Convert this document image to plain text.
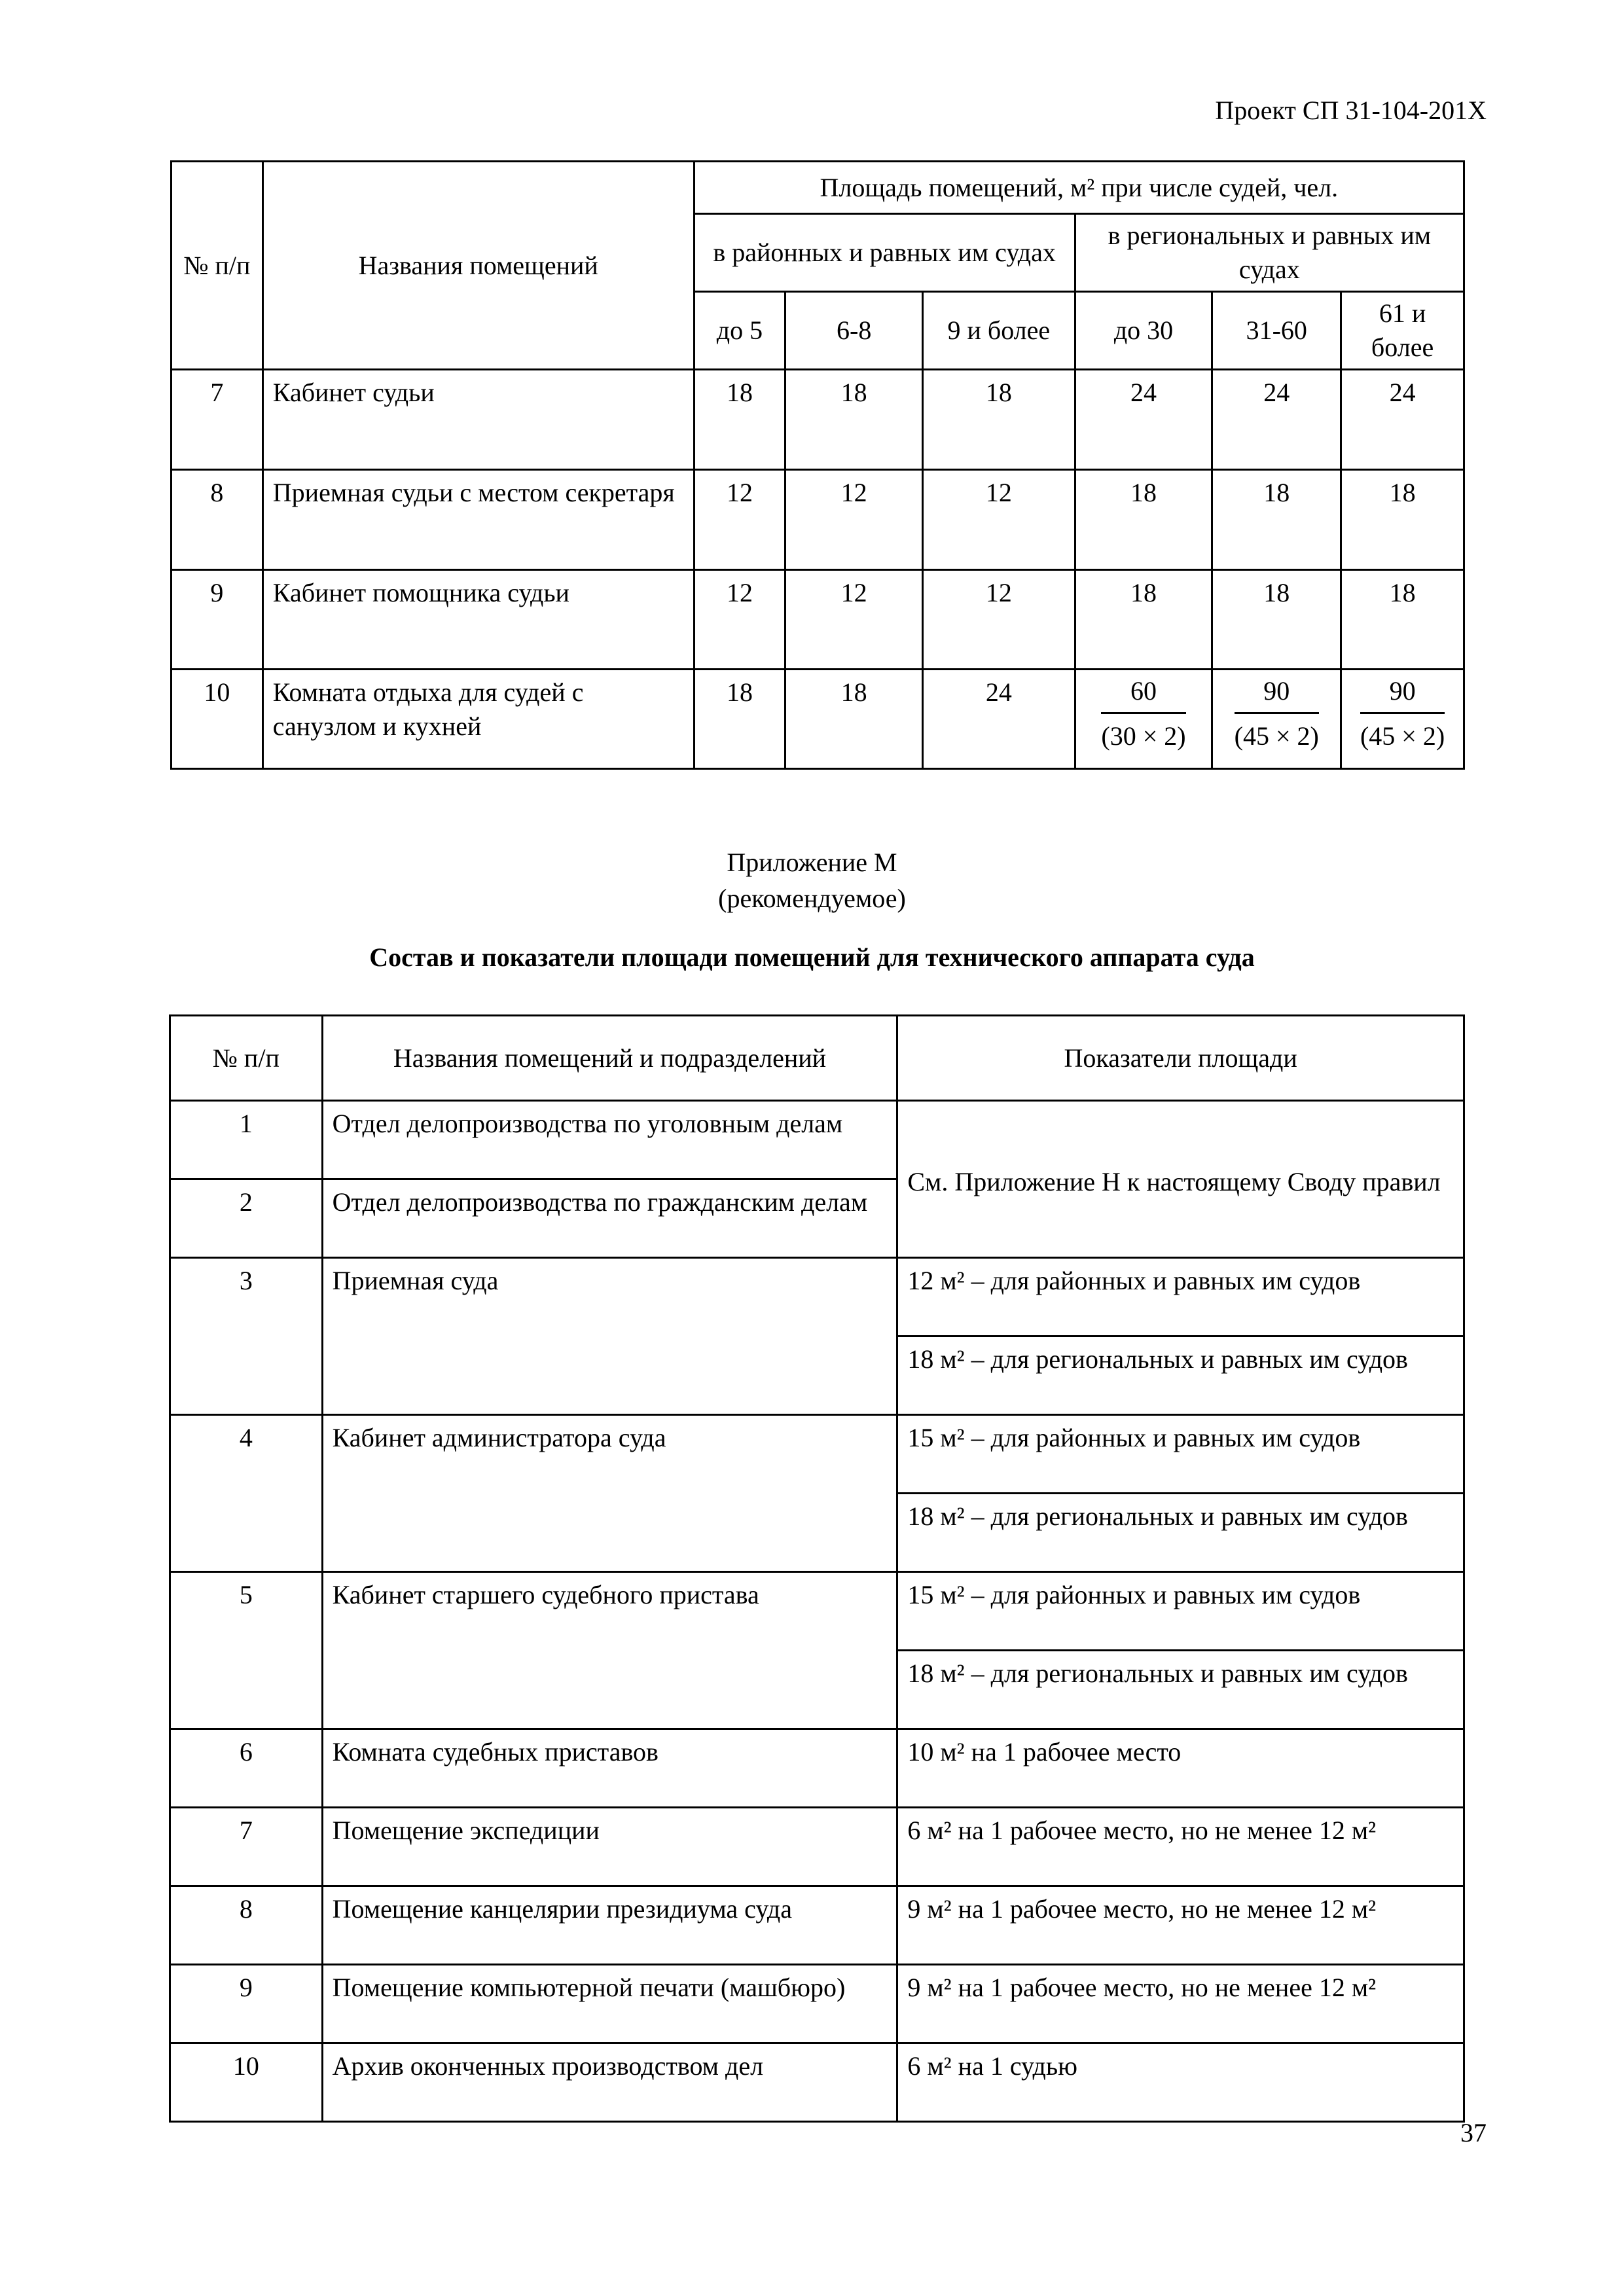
Проект СП 31-104-201X
№ п/п	Названия помещений	Площадь помещений, м² при числе судей, чел.					
		в районных и равных им судах			в региональных и равных им судах		
		до 5	6-8	9 и более	до 30	31-60	61 и более
7	Кабинет судьи	18	18	18	24	24	24
8	Приемная судьи с местом секретаря	12	12	12	18	18	18
9	Кабинет помощника судьи	12	12	12	18	18	18
10	Комната отдыха для судей с санузлом и кухней	18	18	24	$\frac{60}{(30 \times 2)}$	$\frac{90}{(45 \times 2)}$	$\frac{90}{(45 \times 2)}$
Приложение М
(рекомендуемое)
Состав и показатели площади помещений для технического аппарата суда
№ п/п	Названия помещений и подразделений	Показатели площади
1	Отдел делопроизводства по уголовным делам	См. Приложение Н к настоящему Своду правил
2	Отдел делопроизводства по гражданским делам	
3	Приемная суда	12 м² – для районных и равных им судов
		18 м² – для региональных и равных им судов
4	Кабинет администратора суда	15 м² – для районных и равных им судов
		18 м² – для региональных и равных им судов
5	Кабинет старшего судебного пристава	15 м² – для районных и равных им судов
		18 м² – для региональных и равных им судов
6	Комната судебных приставов	10 м² на 1 рабочее место
7	Помещение экспедиции	6 м² на 1 рабочее место, но не менее 12 м²
8	Помещение канцелярии президиума суда	9 м² на 1 рабочее место, но не менее 12 м²
9	Помещение компьютерной печати (машбюро)	9 м² на 1 рабочее место, но не менее 12 м²
10	Архив оконченных производством дел	6 м² на 1 судью
37
